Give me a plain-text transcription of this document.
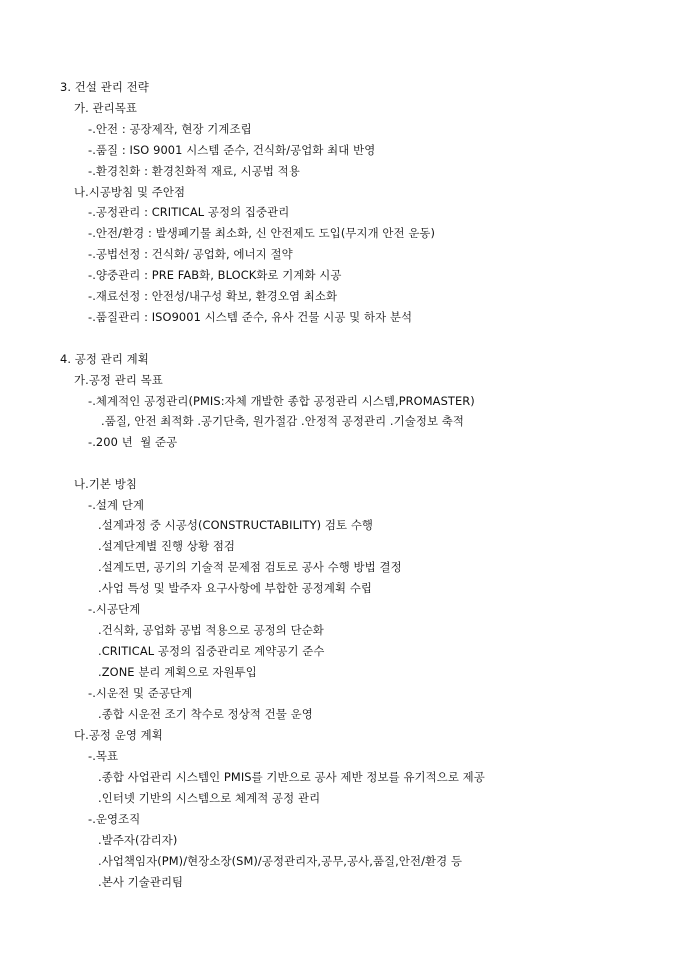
3. 건설 관리 전략
가. 관리목표
-.안전 : 공장제작, 현장 기계조립
-.품질 : ISO 9001 시스템 준수, 건식화/공업화 최대 반영
-.환경친화 : 환경친화적 재료, 시공법 적용
나.시공방침 및 주안점
-.공정관리 : CRITICAL 공정의 집중관리
-.안전/환경 : 발생폐기물 최소화, 신 안전제도 도입(무지개 안전 운동)
-.공법선정 : 건식화/ 공업화, 에너지 절약
-.양중관리 : PRE FAB화, BLOCK화로 기계화 시공
-.재료선정 : 안전성/내구성 확보, 환경오염 최소화
-.품질관리 : ISO9001 시스템 준수, 유사 건물 시공 및 하자 분석
4. 공정 관리 계획
가.공정 관리 목표
-.체계적인 공정관리(PMIS:자체 개발한 종합 공정관리 시스템,PROMASTER)
.품질, 안전 최적화 .공기단축, 원가절감 .안정적 공정관리 .기술정보 축적
-.200 년  월 준공
나.기본 방침
-.설계 단계
.설계과정 중 시공성(CONSTRUCTABILITY) 검토 수행
.설계단계별 진행 상황 점검
.설계도면, 공기의 기술적 문제점 검토로 공사 수행 방법 결정
.사업 특성 및 발주자 요구사항에 부합한 공정계획 수립
-.시공단계
.건식화, 공업화 공법 적용으로 공정의 단순화
.CRITICAL 공정의 집중관리로 계약공기 준수
.ZONE 분리 계획으로 자원투입
-.시운전 및 준공단계
.종합 시운전 조기 착수로 정상적 건물 운영
다.공정 운영 계획
-.목표
.종합 사업관리 시스템인 PMIS를 기반으로 공사 제반 정보를 유기적으로 제공
.인터넷 기반의 시스템으로 체계적 공정 관리
-.운영조직
.발주자(감리자)
.사업책임자(PM)/현장소장(SM)/공정관리자,공무,공사,품질,안전/환경 등
.본사 기술관리팀
